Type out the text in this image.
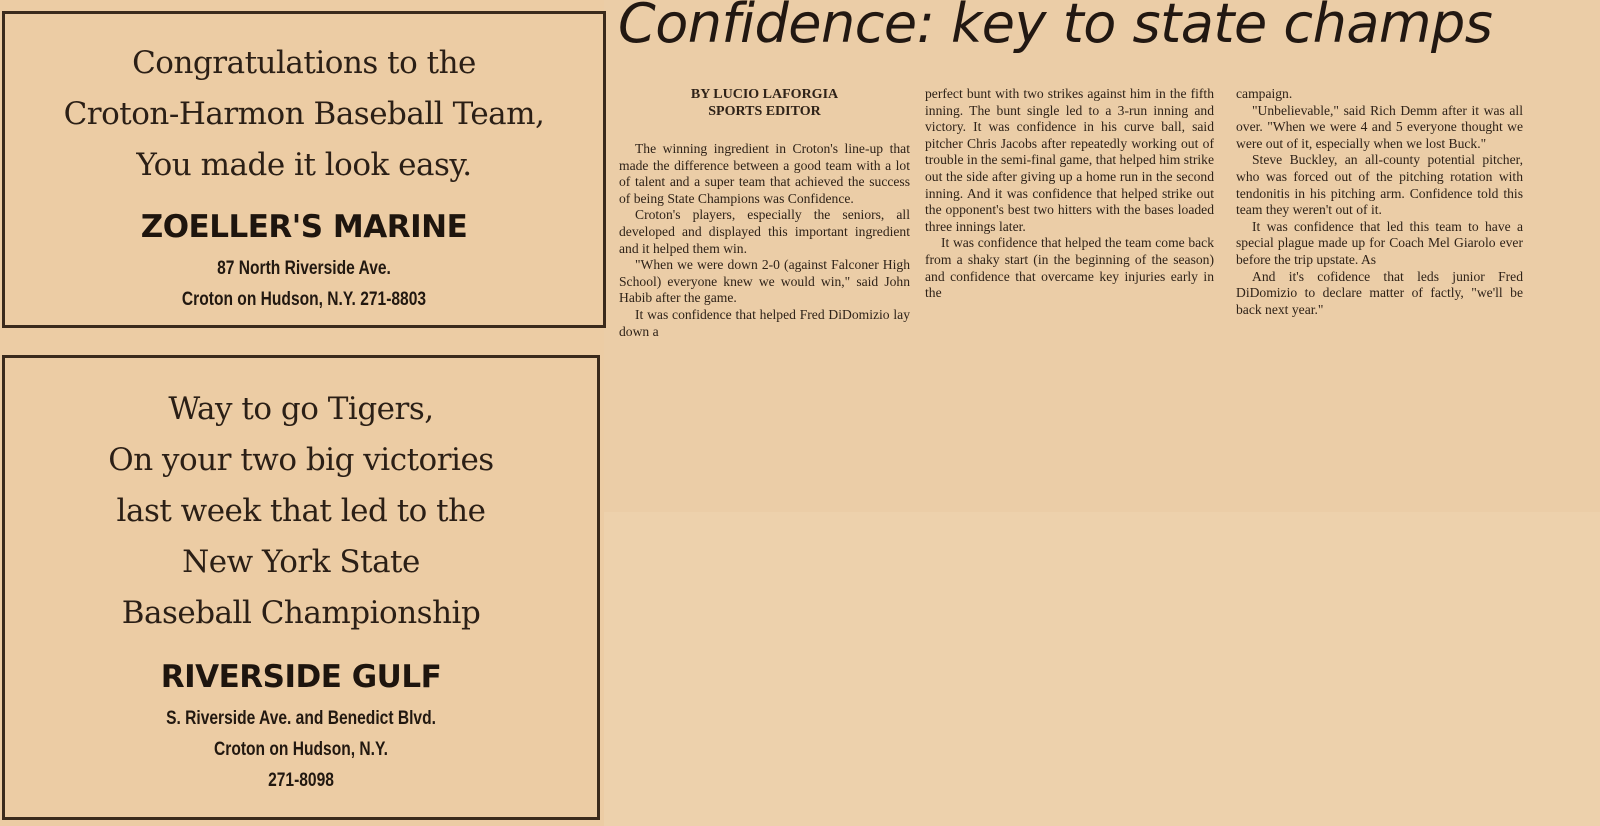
Congratulations to the
Croton-Harmon Baseball Team,
You made it look easy.
ZOELLER'S MARINE
87 North Riverside Ave.
Croton on Hudson, N.Y. 271-8803
Way to go Tigers,
On your two big victories
last week that led to the
New York State
Baseball Championship
RIVERSIDE GULF
S. Riverside Ave. and Benedict Blvd.
Croton on Hudson, N.Y.
271-8098
Confidence: key to state champs
BY LUCIO LAFORGIA
SPORTS EDITOR

The winning ingredient in Croton's line-up that made the difference between a good team with a lot of talent and a super team that achieved the success of being State Champions was Confidence.

Croton's players, especially the seniors, all developed and displayed this important ingredient and it helped them win.

"When we were down 2-0 (against Falconer High School) everyone knew we would win," said John Habib after the game.

It was confidence that helped Fred DiDomizio lay down a

perfect bunt with two strikes against him in the fifth inning. The bunt single led to a 3-run inning and victory. It was confidence in his curve ball, said pitcher Chris Jacobs after repeatedly working out of trouble in the semi-final game, that helped him strike out the side after giving up a home run in the second inning. And it was confidence that helped strike out the opponent's best two hitters with the bases loaded three innings later.

It was confidence that helped the team come back from a shaky start (in the beginning of the season) and confidence that overcame key injuries early in the

campaign.

"Unbelievable," said Rich Demm after it was all over. "When we were 4 and 5 everyone thought we were out of it, especially when we lost Buck."

Steve Buckley, an all-county potential pitcher, who was forced out of the pitching rotation with tendonitis in his pitching arm. Confidence told this team they weren't out of it.

It was confidence that led this team to have a special plague made up for Coach Mel Giarolo ever before the trip upstate. As

And it's cofidence that leds junior Fred DiDomizio to declare matter of factly, "we'll be back next year."
